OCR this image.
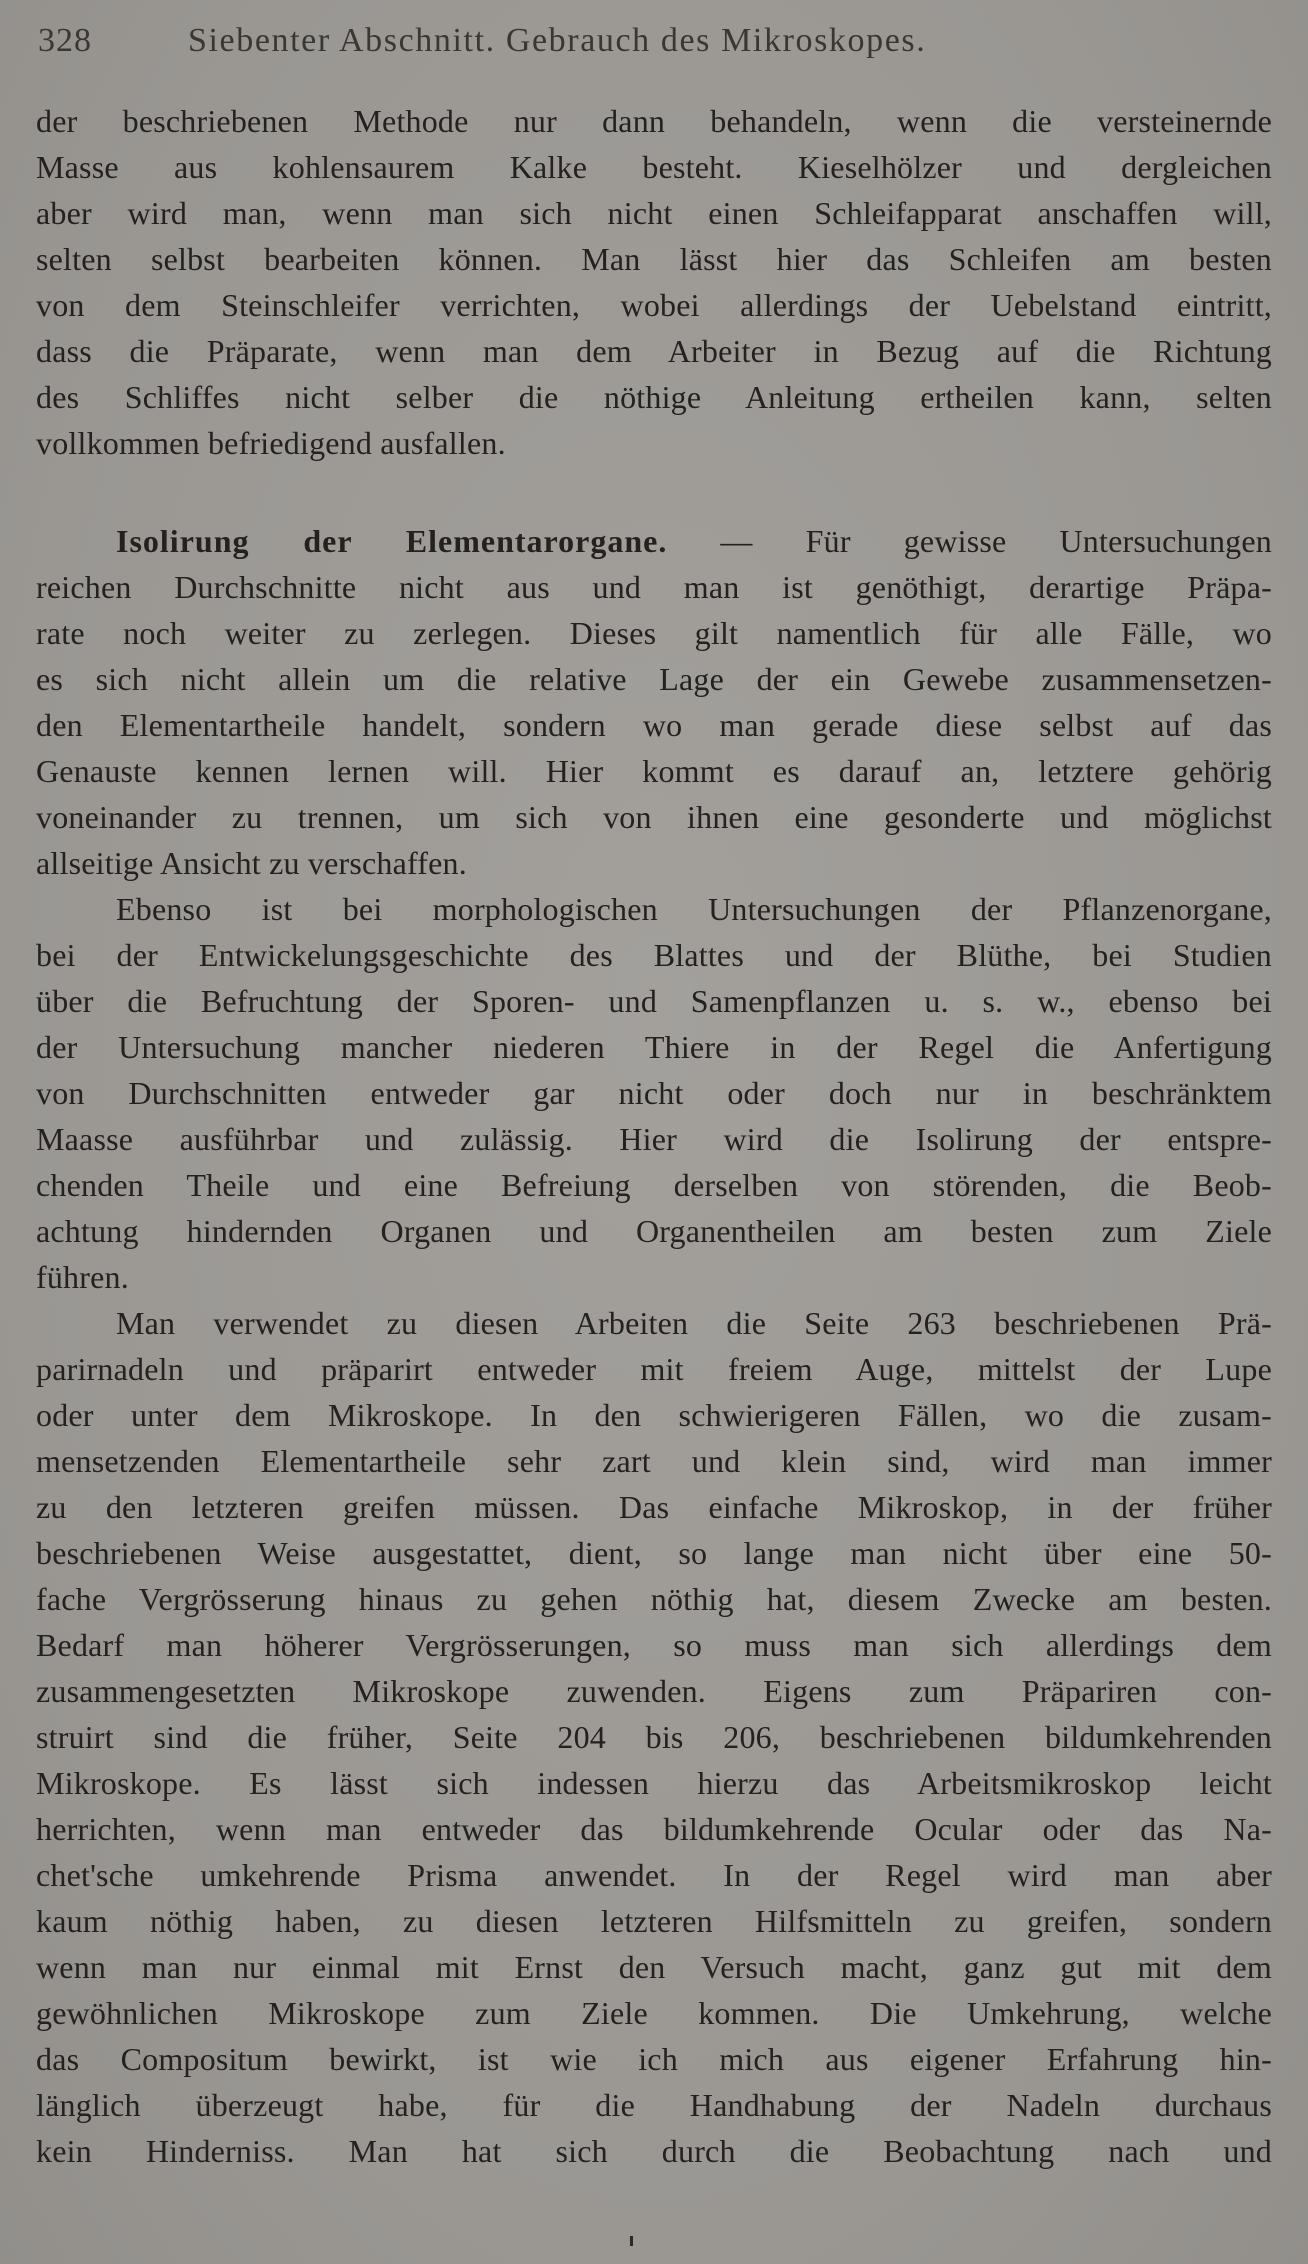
328	Siebenter Abschnitt. Gebrauch des Mikroskopes.
der beschriebenen Methode nur dann behandeln, wenn die versteinernde
Masse aus kohlensaurem Kalke besteht. Kieselhölzer und dergleichen
aber wird man, wenn man sich nicht einen Schleifapparat anschaffen will,
selten selbst bearbeiten können. Man lässt hier das Schleifen am besten
von dem Steinschleifer verrichten, wobei allerdings der Uebelstand eintritt,
dass die Präparate, wenn man dem Arbeiter in Bezug auf die Richtung
des Schliffes nicht selber die nöthige Anleitung ertheilen kann, selten
vollkommen befriedigend ausfallen.
Isolirung der Elementarorgane. — Für gewisse Untersuchungen
reichen Durchschnitte nicht aus und man ist genöthigt, derartige Präpa-
rate noch weiter zu zerlegen. Dieses gilt namentlich für alle Fälle, wo
es sich nicht allein um die relative Lage der ein Gewebe zusammensetzen-
den Elementartheile handelt, sondern wo man gerade diese selbst auf das
Genauste kennen lernen will. Hier kommt es darauf an, letztere gehörig
voneinander zu trennen, um sich von ihnen eine gesonderte und möglichst
allseitige Ansicht zu verschaffen.
Ebenso ist bei morphologischen Untersuchungen der Pflanzenorgane,
bei der Entwickelungsgeschichte des Blattes und der Blüthe, bei Studien
über die Befruchtung der Sporen- und Samenpflanzen u. s. w., ebenso bei
der Untersuchung mancher niederen Thiere in der Regel die Anfertigung
von Durchschnitten entweder gar nicht oder doch nur in beschränktem
Maasse ausführbar und zulässig. Hier wird die Isolirung der entspre-
chenden Theile und eine Befreiung derselben von störenden, die Beob-
achtung hindernden Organen und Organentheilen am besten zum Ziele
führen.
Man verwendet zu diesen Arbeiten die Seite 263 beschriebenen Prä-
parirnadeln und präparirt entweder mit freiem Auge, mittelst der Lupe
oder unter dem Mikroskope. In den schwierigeren Fällen, wo die zusam-
mensetzenden Elementartheile sehr zart und klein sind, wird man immer
zu den letzteren greifen müssen. Das einfache Mikroskop, in der früher
beschriebenen Weise ausgestattet, dient, so lange man nicht über eine 50-
fache Vergrösserung hinaus zu gehen nöthig hat, diesem Zwecke am besten.
Bedarf man höherer Vergrösserungen, so muss man sich allerdings dem
zusammengesetzten Mikroskope zuwenden. Eigens zum Präpariren con-
struirt sind die früher, Seite 204 bis 206, beschriebenen bildumkehrenden
Mikroskope. Es lässt sich indessen hierzu das Arbeitsmikroskop leicht
herrichten, wenn man entweder das bildumkehrende Ocular oder das Na-
chet'sche umkehrende Prisma anwendet. In der Regel wird man aber
kaum nöthig haben, zu diesen letzteren Hilfsmitteln zu greifen, sondern
wenn man nur einmal mit Ernst den Versuch macht, ganz gut mit dem
gewöhnlichen Mikroskope zum Ziele kommen. Die Umkehrung, welche
das Compositum bewirkt, ist wie ich mich aus eigener Erfahrung hin-
länglich überzeugt habe, für die Handhabung der Nadeln durchaus
kein Hinderniss. Man hat sich durch die Beobachtung nach und
